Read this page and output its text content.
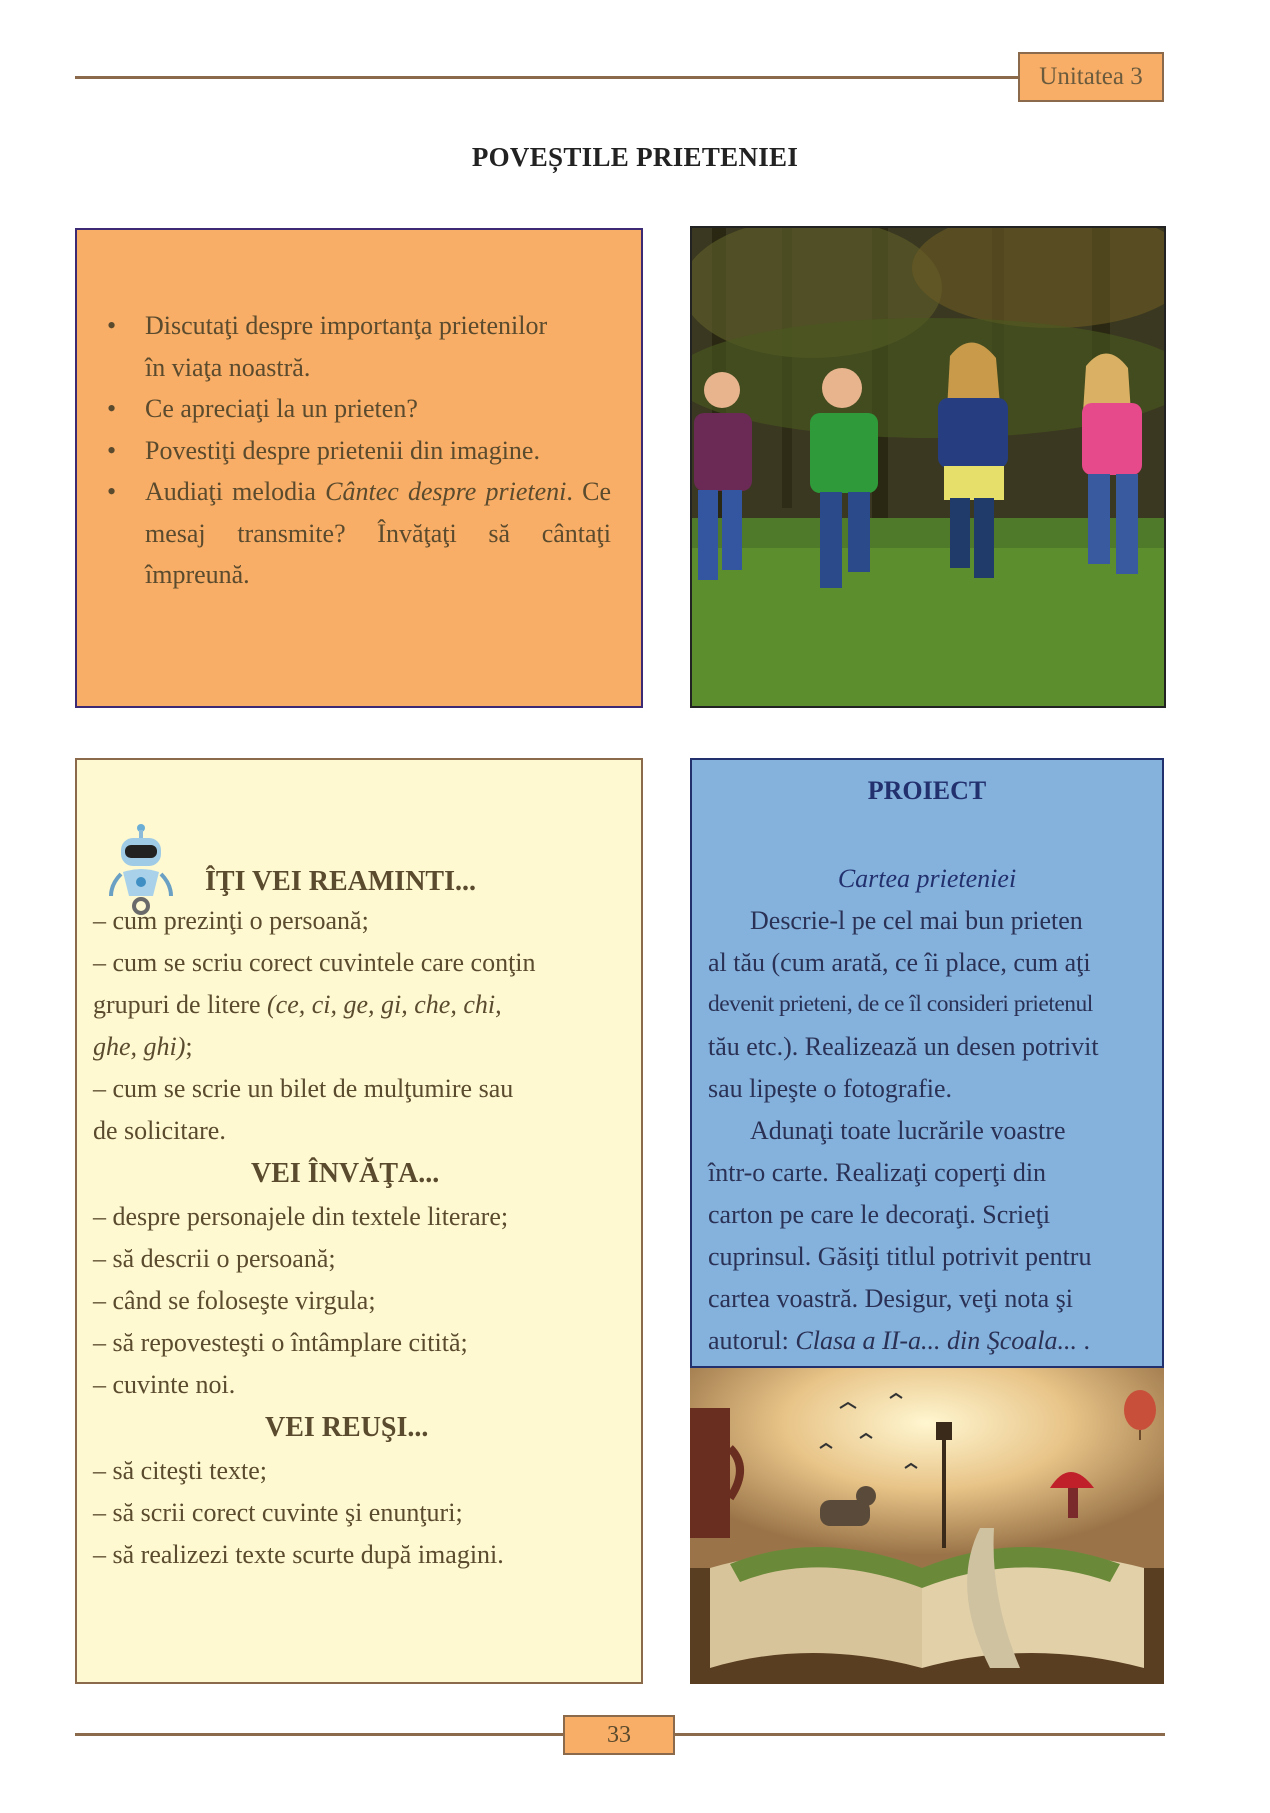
Unitatea 3
POVEȘTILE PRIETENIEI
• Discutaţi despre importanţa prietenilor
în viaţa noastră.
• Ce apreciaţi la un prieten?
• Povestiţi despre prietenii din imagine.
• Audiaţi melodia Cântec despre prieteni. Ce mesaj transmite? Învăţaţi să cântaţi împreună.
ÎŢI VEI REAMINTI...
– cum prezinţi o persoană;
– cum se scriu corect cuvintele care conţin
grupuri de litere (ce, ci, ge, gi, che, chi,
ghe, ghi);
– cum se scrie un bilet de mulţumire sau
de solicitare.
VEI ÎNVĂŢA...
– despre personajele din textele literare;
– să descrii o persoană;
– când se foloseşte virgula;
– să repovesteşti o întâmplare citită;
– cuvinte noi.
VEI REUŞI...
– să citeşti texte;
– să scrii corect cuvinte şi enunţuri;
– să realizezi texte scurte după imagini.
PROIECT
Cartea prieteniei
Descrie-l pe cel mai bun prieten
al tău (cum arată, ce îi place, cum aţi
devenit prieteni, de ce îl consideri prietenul
tău etc.). Realizează un desen potrivit
sau lipeşte o fotografie.
Adunaţi toate lucrările voastre
într-o carte. Realizaţi coperţi din
carton pe care le decoraţi. Scrieţi
cuprinsul. Găsiţi titlul potrivit pentru
cartea voastră. Desigur, veţi nota şi
autorul: Clasa a II-a... din Şcoala... .
33
